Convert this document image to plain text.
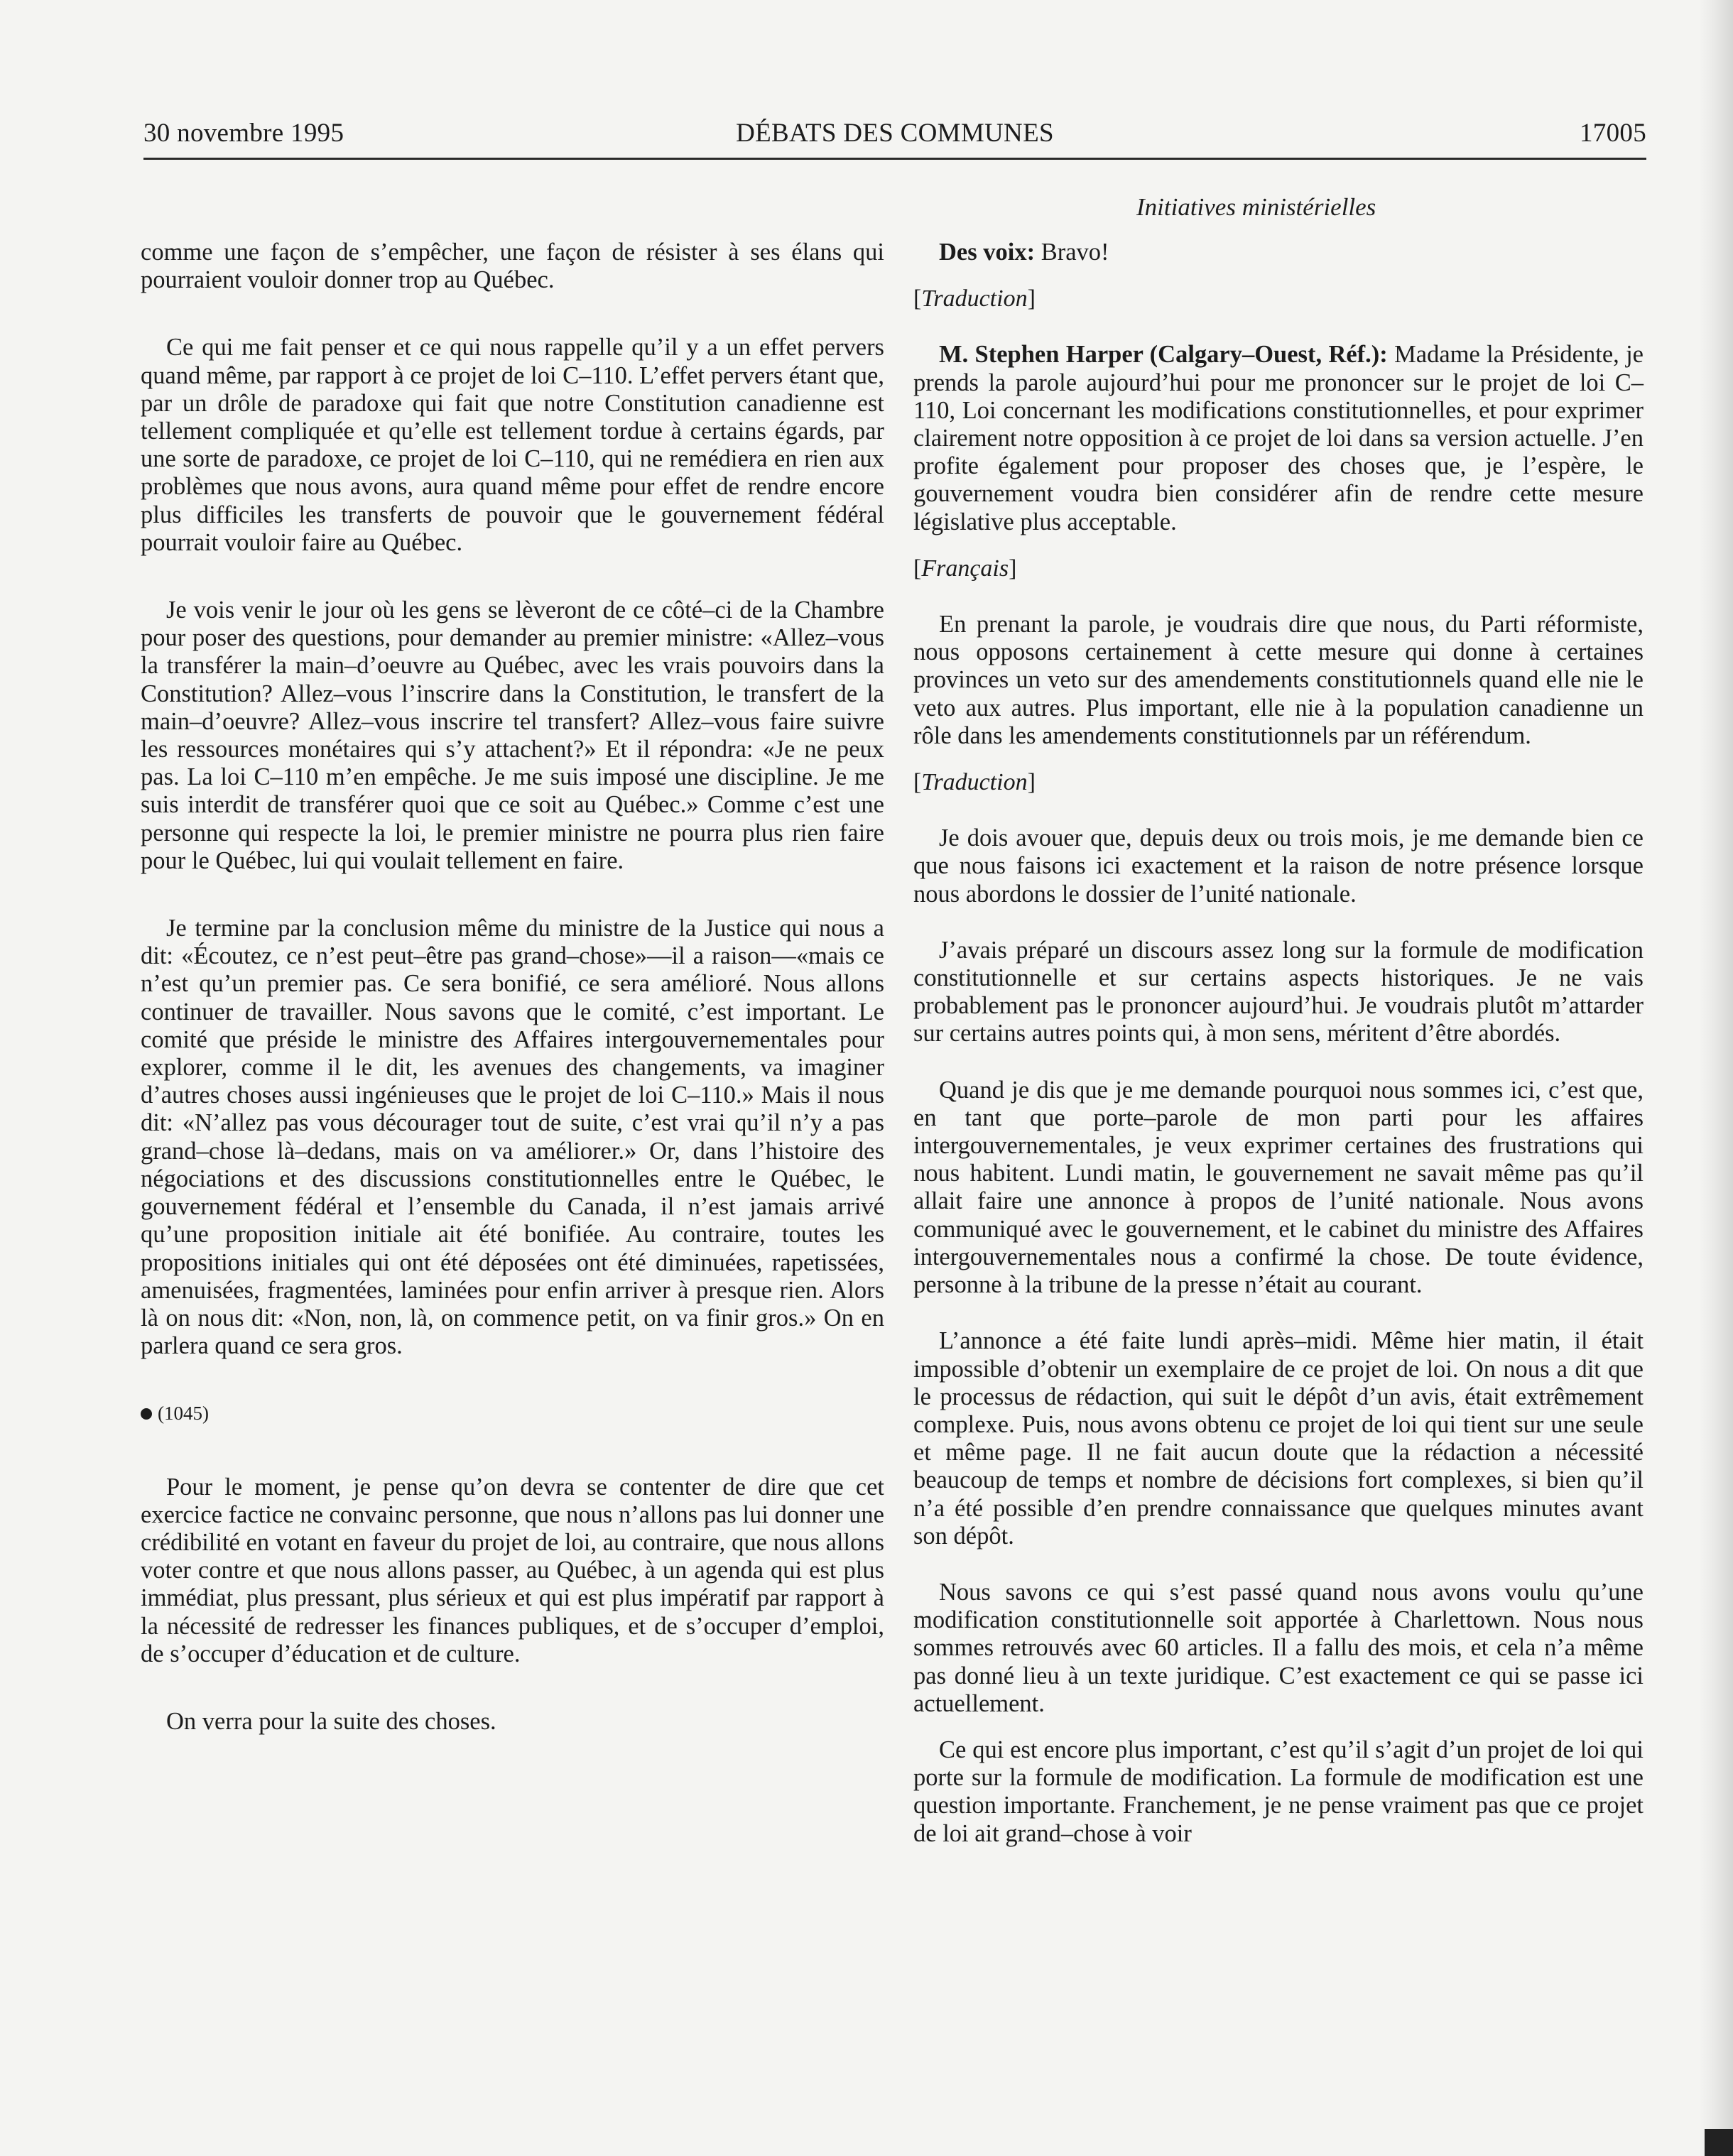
30 novembre 1995	DÉBATS DES COMMUNES	17005
Initiatives ministérielles

comme une façon de s’empêcher, une façon de résister à ses élans qui pourraient vouloir donner trop au Québec.

Ce qui me fait penser et ce qui nous rappelle qu’il y a un effet pervers quand même, par rapport à ce projet de loi C–110. L’effet pervers étant que, par un drôle de paradoxe qui fait que notre Constitution canadienne est tellement compliquée et qu’elle est tellement tordue à certains égards, par une sorte de paradoxe, ce projet de loi C–110, qui ne remédiera en rien aux problèmes que nous avons, aura quand même pour effet de rendre encore plus difficiles les transferts de pouvoir que le gouvernement fédéral pourrait vouloir faire au Québec.

Je vois venir le jour où les gens se lèveront de ce côté–ci de la Chambre pour poser des questions, pour demander au premier ministre: «Allez–vous la transférer la main–d’oeuvre au Québec, avec les vrais pouvoirs dans la Constitution? Allez–vous l’inscrire dans la Constitution, le transfert de la main–d’oeuvre? Allez–vous inscrire tel transfert? Allez–vous faire suivre les ressources monétaires qui s’y attachent?» Et il répondra: «Je ne peux pas. La loi C–110 m’en empêche. Je me suis imposé une discipline. Je me suis interdit de transférer quoi que ce soit au Québec.» Comme c’est une personne qui respecte la loi, le premier ministre ne pourra plus rien faire pour le Québec, lui qui voulait tellement en faire.

Je termine par la conclusion même du ministre de la Justice qui nous a dit: «Écoutez, ce n’est peut–être pas grand–chose»—il a raison—«mais ce n’est qu’un premier pas. Ce sera bonifié, ce sera amélioré. Nous allons continuer de travailler. Nous savons que le comité, c’est important. Le comité que préside le ministre des Affaires intergouvernementales pour explorer, comme il le dit, les avenues des changements, va imaginer d’autres choses aussi ingénieuses que le projet de loi C–110.» Mais il nous dit: «N’allez pas vous décourager tout de suite, c’est vrai qu’il n’y a pas grand–chose là–dedans, mais on va améliorer.» Or, dans l’histoire des négociations et des discussions constitutionnelles entre le Québec, le gouvernement fédéral et l’ensemble du Canada, il n’est jamais arrivé qu’une proposition initiale ait été bonifiée. Au contraire, toutes les propositions initiales qui ont été déposées ont été diminuées, rapetissées, amenuisées, fragmentées, laminées pour enfin arriver à presque rien. Alors là on nous dit: «Non, non, là, on commence petit, on va finir gros.» On en parlera quand ce sera gros.

(1045)

Pour le moment, je pense qu’on devra se contenter de dire que cet exercice factice ne convainc personne, que nous n’allons pas lui donner une crédibilité en votant en faveur du projet de loi, au contraire, que nous allons voter contre et que nous allons passer, au Québec, à un agenda qui est plus immédiat, plus pressant, plus sérieux et qui est plus impératif par rapport à la nécessité de redresser les finances publiques, et de s’occuper d’emploi, de s’occuper d’éducation et de culture.

On verra pour la suite des choses.

Des voix: Bravo!

[Traduction]

M. Stephen Harper (Calgary–Ouest, Réf.): Madame la Présidente, je prends la parole aujourd’hui pour me prononcer sur le projet de loi C–110, Loi concernant les modifications constitutionnelles, et pour exprimer clairement notre opposition à ce projet de loi dans sa version actuelle. J’en profite également pour proposer des choses que, je l’espère, le gouvernement voudra bien considérer afin de rendre cette mesure législative plus acceptable.

[Français]

En prenant la parole, je voudrais dire que nous, du Parti réformiste, nous opposons certainement à cette mesure qui donne à certaines provinces un veto sur des amendements constitutionnels quand elle nie le veto aux autres. Plus important, elle nie à la population canadienne un rôle dans les amendements constitutionnels par un référendum.

[Traduction]

Je dois avouer que, depuis deux ou trois mois, je me demande bien ce que nous faisons ici exactement et la raison de notre présence lorsque nous abordons le dossier de l’unité nationale.

J’avais préparé un discours assez long sur la formule de modification constitutionnelle et sur certains aspects historiques. Je ne vais probablement pas le prononcer aujourd’hui. Je voudrais plutôt m’attarder sur certains autres points qui, à mon sens, méritent d’être abordés.

Quand je dis que je me demande pourquoi nous sommes ici, c’est que, en tant que porte–parole de mon parti pour les affaires intergouvernementales, je veux exprimer certaines des frustrations qui nous habitent. Lundi matin, le gouvernement ne savait même pas qu’il allait faire une annonce à propos de l’unité nationale. Nous avons communiqué avec le gouvernement, et le cabinet du ministre des Affaires intergouvernementales nous a confirmé la chose. De toute évidence, personne à la tribune de la presse n’était au courant.

L’annonce a été faite lundi après–midi. Même hier matin, il était impossible d’obtenir un exemplaire de ce projet de loi. On nous a dit que le processus de rédaction, qui suit le dépôt d’un avis, était extrêmement complexe. Puis, nous avons obtenu ce projet de loi qui tient sur une seule et même page. Il ne fait aucun doute que la rédaction a nécessité beaucoup de temps et nombre de décisions fort complexes, si bien qu’il n’a été possible d’en prendre connaissance que quelques minutes avant son dépôt.

Nous savons ce qui s’est passé quand nous avons voulu qu’une modification constitutionnelle soit apportée à Charlettown. Nous nous sommes retrouvés avec 60 articles. Il a fallu des mois, et cela n’a même pas donné lieu à un texte juridique. C’est exactement ce qui se passe ici actuellement.

Ce qui est encore plus important, c’est qu’il s’agit d’un projet de loi qui porte sur la formule de modification. La formule de modification est une question importante. Franchement, je ne pense vraiment pas que ce projet de loi ait grand–chose à voir
